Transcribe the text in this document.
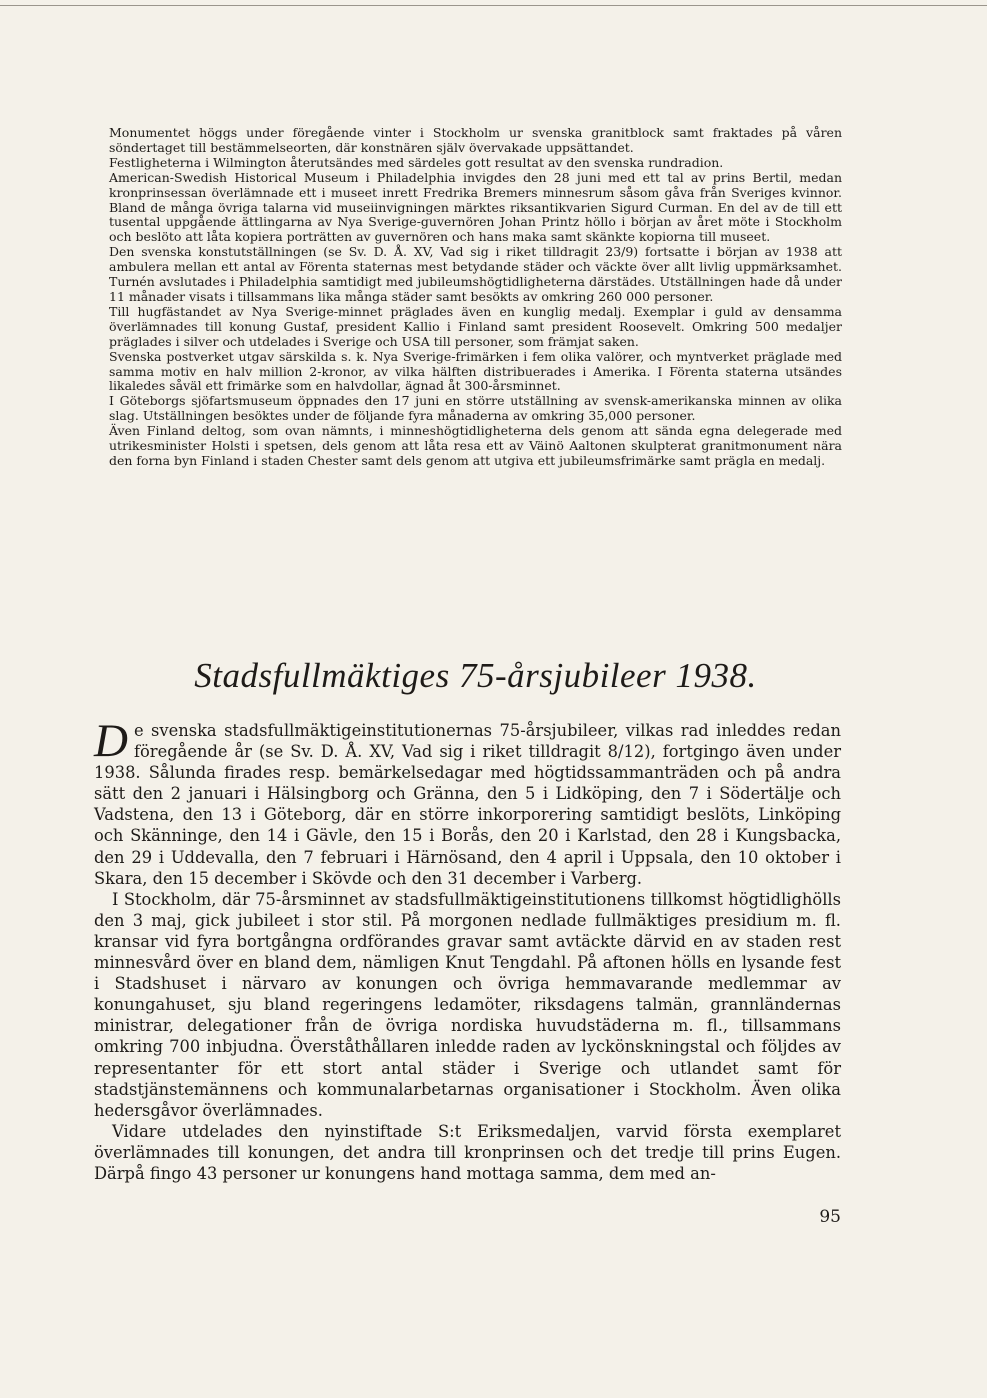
Monumentet höggs under föregående vinter i Stockholm ur svenska granitblock samt fraktades på våren söndertaget till bestämmelseorten, där konstnären själv övervakade uppsättandet.

Festligheterna i Wilmington återutsändes med särdeles gott resultat av den svenska rundradion.

American-Swedish Historical Museum i Philadelphia invigdes den 28 juni med ett tal av prins Bertil, medan kronprinsessan överlämnade ett i museet inrett Fredrika Bremers minnesrum såsom gåva från Sveriges kvinnor. Bland de många övriga talarna vid museiinvigningen märktes riksantikvarien Sigurd Curman. En del av de till ett tusental uppgående ättlingarna av Nya Sverige-guvernören Johan Printz höllo i början av året möte i Stockholm och beslöto att låta kopiera porträtten av guvernören och hans maka samt skänkte kopiorna till museet.

Den svenska konstutställningen (se Sv. D. Å. XV, Vad sig i riket tilldragit 23/9) fortsatte i början av 1938 att ambulera mellan ett antal av Förenta staternas mest betydande städer och väckte över allt livlig uppmärksamhet. Turnén avslutades i Philadelphia samtidigt med jubileumshögtidligheterna därstädes. Utställningen hade då under 11 månader visats i tillsammans lika många städer samt besökts av omkring 260 000 personer.

Till hugfästandet av Nya Sverige-minnet präglades även en kunglig medalj. Exemplar i guld av densamma överlämnades till konung Gustaf, president Kallio i Finland samt president Roosevelt. Omkring 500 medaljer präglades i silver och utdelades i Sverige och USA till personer, som främjat saken.

Svenska postverket utgav särskilda s. k. Nya Sverige-frimärken i fem olika valörer, och myntverket präglade med samma motiv en halv million 2-kronor, av vilka hälften distribuerades i Amerika. I Förenta staterna utsändes likaledes såväl ett frimärke som en halvdollar, ägnad åt 300-årsminnet.

I Göteborgs sjöfartsmuseum öppnades den 17 juni en större utställning av svensk-amerikanska minnen av olika slag. Utställningen besöktes under de följande fyra månaderna av omkring 35,000 personer.

Även Finland deltog, som ovan nämnts, i minneshögtidligheterna dels genom att sända egna delegerade med utrikesminister Holsti i spetsen, dels genom att låta resa ett av Väinö Aaltonen skulpterat granitmonument nära den forna byn Finland i staden Chester samt dels genom att utgiva ett jubileumsfrimärke samt prägla en medalj.

Stadsfullmäktiges 75-årsjubileer 1938.

De svenska stadsfullmäktigeinstitutionernas 75-årsjubileer, vilkas rad inleddes redan föregående år (se Sv. D. Å. XV, Vad sig i riket tilldragit 8/12), fortgingo även under 1938. Sålunda firades resp. bemärkelsedagar med högtidssammanträden och på andra sätt den 2 januari i Hälsingborg och Gränna, den 5 i Lidköping, den 7 i Södertälje och Vadstena, den 13 i Göteborg, där en större inkorporering samtidigt beslöts, Linköping och Skänninge, den 14 i Gävle, den 15 i Borås, den 20 i Karlstad, den 28 i Kungsbacka, den 29 i Uddevalla, den 7 februari i Härnösand, den 4 april i Uppsala, den 10 oktober i Skara, den 15 december i Skövde och den 31 december i Varberg.

I Stockholm, där 75-årsminnet av stadsfullmäktigeinstitutionens tillkomst högtidlighölls den 3 maj, gick jubileet i stor stil. På morgonen nedlade fullmäktiges presidium m. fl. kransar vid fyra bortgångna ordförandes gravar samt avtäckte därvid en av staden rest minnesvård över en bland dem, nämligen Knut Tengdahl. På aftonen hölls en lysande fest i Stadshuset i närvaro av konungen och övriga hemmavarande medlemmar av konungahuset, sju bland regeringens ledamöter, riksdagens talmän, grannländernas ministrar, delegationer från de övriga nordiska huvudstäderna m. fl., tillsammans omkring 700 inbjudna. Överståthållaren inledde raden av lyckönskningstal och följdes av representanter för ett stort antal städer i Sverige och utlandet samt för stadstjänstemännens och kommunalarbetarnas organisationer i Stockholm. Även olika hedersgåvor överlämnades.

Vidare utdelades den nyinstiftade S:t Eriksmedaljen, varvid första exemplaret överlämnades till konungen, det andra till kronprinsen och det tredje till prins Eugen. Därpå fingo 43 personer ur konungens hand mottaga samma, dem med an-

95
